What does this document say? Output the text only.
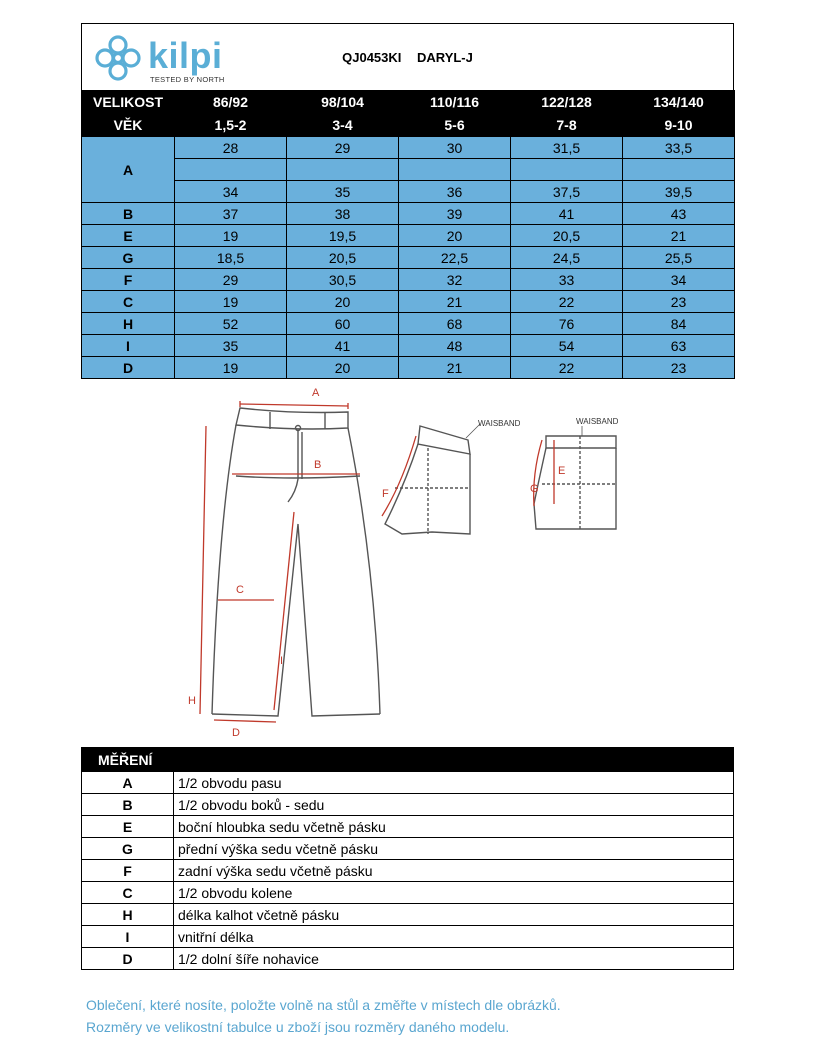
kilpi
TESTED BY NORTH
QJ0453KI DARYL-J
VELIKOST	86/92	98/104	110/116	122/128	134/140
VĚK	1,5-2	3-4	5-6	7-8	9-10
A	28	29	30	31,5	33,5

	34	35	36	37,5	39,5
B	37	38	39	41	43
E	19	19,5	20	20,5	21
G	18,5	20,5	22,5	24,5	25,5
F	29	30,5	32	33	34
C	19	20	21	22	23
H	52	60	68	76	84
I	35	41	48	54	63
D	19	20	21	22	23
A
B
C
D
H
I
F
WAISBAND
E
G
WAISBAND
MĚŘENÍ	
A	1/2 obvodu pasu
B	1/2 obvodu boků - sedu
E	boční hloubka sedu včetně pásku
G	přední výška sedu včetně pásku
F	zadní výška sedu včetně pásku
C	1/2 obvodu kolene
H	délka kalhot včetně pásku
I	vnitřní délka
D	1/2 dolní šíře nohavice
Oblečení, které nosíte, položte volně na stůl a změřte v místech dle obrázků.
Rozměry ve velikostní tabulce u zboží jsou rozměry daného modelu.
